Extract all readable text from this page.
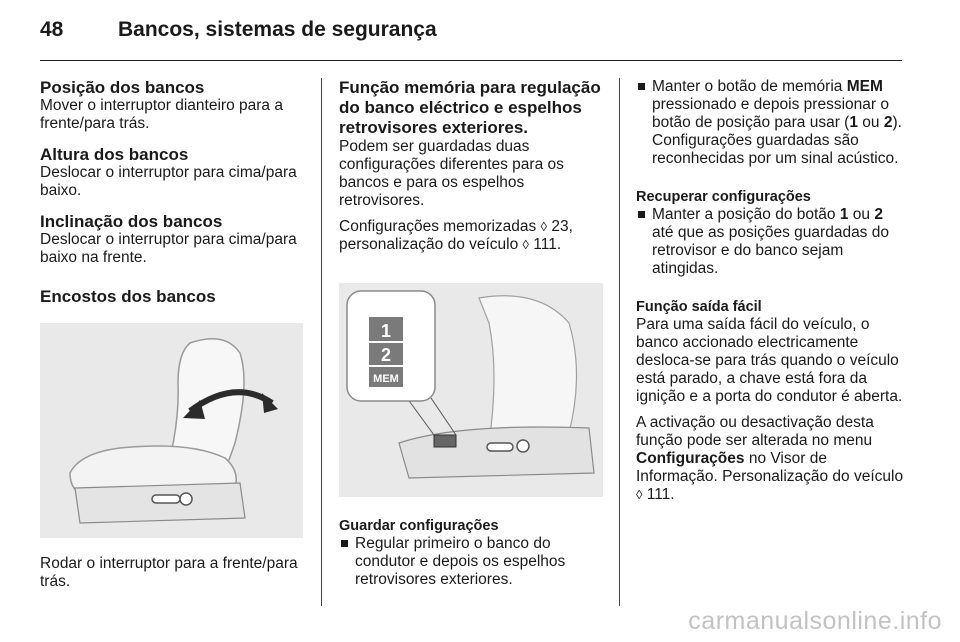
48	Bancos, sistemas de segurança
Posição dos bancos

Mover o interruptor dianteiro para a frente/para trás.

Altura dos bancos

Deslocar o interruptor para cima/para baixo.

Inclinação dos bancos

Deslocar o interruptor para cima/para baixo na frente.

Encostos dos bancos

Rodar o interruptor para a frente/para trás.

Função memória para regulação do banco eléctrico e espelhos retrovisores exteriores.

Podem ser guardadas duas configurações diferentes para os bancos e para os espelhos retrovisores.

Configurações memorizadas ◊ 23, personalização do veículo ◊ 111.

1
2
MEM
Guardar configurações
Regular primeiro o banco do condutor e depois os espelhos retrovisores exteriores.
Manter o botão de memória MEM pressionado e depois pressionar o botão de posição para usar (1 ou 2). Configurações guardadas são reconhecidas por um sinal acústico.
Recuperar configurações
Manter a posição do botão 1 ou 2 até que as posições guardadas do retrovisor e do banco sejam atingidas.
Função saída fácil

Para uma saída fácil do veículo, o banco accionado electricamente desloca-se para trás quando o veículo está parado, a chave está fora da ignição e a porta do condutor é aberta.

A activação ou desactivação desta função pode ser alterada no menu Configurações no Visor de Informação. Personalização do veículo ◊ 111.

carmanualsonline.info
